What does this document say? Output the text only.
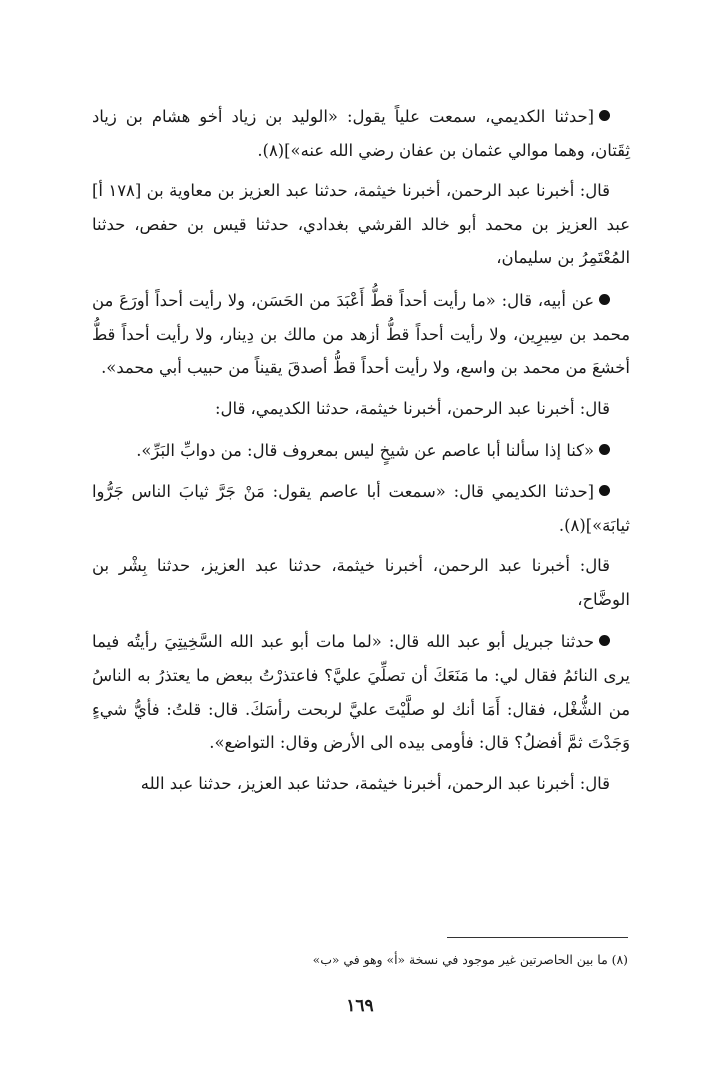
[حدثنا الكديمي، سمعت علياً يقول: «الوليد بن زياد أخو هشام بن زياد ثِقَتان، وهما موالي عثمان بن عفان رضي الله عنه»](٨).

قال: أخبرنا عبد الرحمن، أخبرنا خيثمة، حدثنا عبد العزيز بن معاوية بن [١٧٨ أ] عبد العزيز بن محمد أبو خالد القرشي بغدادي، حدثنا قيس بن حفص، حدثنا المُعْتَمِرُ بن سليمان،

عن أبيه، قال: «ما رأيت أحداً قطُّ أَعْبَدَ من الحَسَن، ولا رأيت أحداً أورَعَ من محمد بن سِيرِين، ولا رأيت أحداً قطُّ أزهد من مالك بن دِينار، ولا رأيت أحداً قطُّ أخشعَ من محمد بن واسع، ولا رأيت أحداً قطُّ أصدقَ يقيناً من حبيب أبي محمد».

قال: أخبرنا عبد الرحمن، أخبرنا خيثمة، حدثنا الكديمي، قال:

«كنا إذا سألنا أبا عاصم عن شيخٍ ليس بمعروف قال: من دوابِّ البَرِّ».

[حدثنا الكديمي قال: «سمعت أبا عاصم يقول: مَنْ جَرَّ ثيابَ الناس جَرُّوا ثيابَهَ»](٨).

قال: أخبرنا عبد الرحمن، أخبرنا خيثمة، حدثنا عبد العزيز، حدثنا بِشْر بن الوضَّاح،

حدثنا جبريل أبو عبد الله قال: «لما مات أبو عبد الله السَّخِيتِيَ رأيتُه فيما يرى النائمُ فقال لي: ما مَنَعَكَ أن تصلِّيَ عليَّ؟ فاعتذرْتُ ببعض ما يعتذرُ به الناسُ من الشُّغْل، فقال: أَمَا أنك لو صلَّيْتَ عليَّ لربحت رأسَكَ. قال: قلتُ: فأيُّ شيءٍ وَجَدْتَ ثمَّ أفضلُ؟ قال: فأومى بيده الى الأرض وقال: التواضع».

قال: أخبرنا عبد الرحمن، أخبرنا خيثمة، حدثنا عبد العزيز، حدثنا عبد الله

(٨) ما بين الحاصرتين غير موجود في نسخة «أ» وهو في «ب»
١٦٩
